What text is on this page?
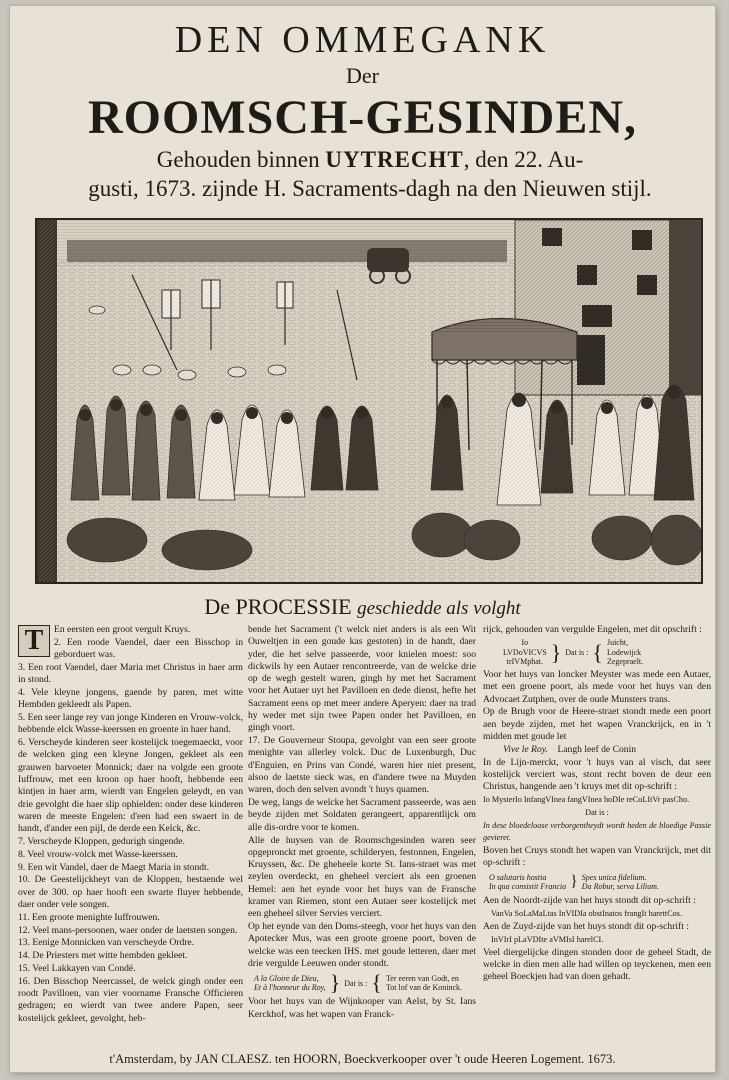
DEN OMMEGANK
Der
ROOMSCH-GESINDEN,
Gehouden binnen UYTRECHT, den 22. Au-
gusti, 1673. zijnde H. Sacraments-dagh na den Nieuwen stijl.
De PROCESSIE geschiedde als volght

T	En eersten een groot vergult Kruys.

2. Een roode Vaendel, daer een Bisschop in geborduert was.

3. Een root Vaendel, daer Maria met Christus in haer arm in stond.

4. Vele kleyne jongens, gaende by paren, met witte Hembden gekleedt als Papen.

5. Een seer lange rey van jonge Kinderen en Vrouw-volck, hebbende elck Wasse-keerssen en groente in haer hand.

6. Verscheyde kinderen seer kostelijck toegemaeckt, voor de welcken ging een kleyne Jongen, gekleet als een grauwen barvoeter Monnick; daer na volgde een groote Iuffrouw, met een kroon op haer hooft, hebbende een kintjen in haer arm, wierdt van Engelen geleydt, en van drie gevolght die haer slip ophielden: onder dese kinderen waren de meeste Engelen: d'een had een swaert in de handt, d'ander een pijl, de derde een Kelck, &c.

7. Verscheyde Kloppen, gedurigh singende.

8. Veel vrouw-volck met Wasse-keerssen.

9. Een wit Vandel, daer de Maegt Maria in stondt.

10. De Geestelijckheyt van de Kloppen, bestaende wel over de 300. op haer hooft een swarte fluyer hebbende, daer onder vele songen.

11. Een groote menighte Iuffrouwen.

12. Veel mans-persoonen, waer onder de laetsten songen.

13. Eenige Monnicken van verscheyde Ordre.

14. De Priesters met witte hembden gekleet.

15. Veel Lakkayen van Condé.

16. Den Bisschop Neercassel, de welck gingh onder een roodt Pavilloen, van vier voorname Fransche Officieren gedragen; en wierdt van twee andere Papen, seer kostelijck gekleet, gevolght, heb-

bende het Sacrament ('t welck niet anders is als een Wit Ouweltjen in een goude kas gestoten) in de handt, daer yder, die het selve passeerde, voor knielen moest: soo dickwils hy een Autaer rencontreerde, van de welcke drie op de wegh gestelt waren, gingh hy met het Sacrament voor het Autaer uyt het Pavilloen en dede dienst, hefte het Sacrament eens op met meer andere Aperyen: daer na trad hy weder met sijn twee Papen onder het Pavilloen, en gingh voort.

17. De Gouverneur Stoupa, gevolght van een seer groote menighte van allerley volck. Duc de Luxenburgh, Duc d'Enguien, en Prins van Condé, waren hier niet present, alsoo de laetste sieck was, en d'andere twee na Muyden waren, doch den selven avondt 't huys quamen.

De weg, langs de welcke het Sacrament passeerde, was aen beyde zijden met Soldaten gerangeert, apparentlijck om alle dis-ordre voor te komen.

Alle de huysen van de Roomschgesinden waren seer opgepronckt met groente, schilderyen, festonnen, Engelen, Kruyssen, &c. De gheheele korte St. Ians-straet was met zeylen overdeckt, en gheheel verciert als een groenen Hemel: aen het eynde voor het huys van de Fransche kramer van Riemen, stont een Autaer seer kostelijck met een gheheel silver Servies verciert.

Op het eynde van den Doms-steegh, voor het huys van den Apotecker Mus, was een groote groene poort, boven de welcke was een teecken IHS. met goude letteren, daer met drie vergulde Leeuwen onder stondt.

A la Gloire de Dieu,
Et à l'honneur du Roy, } Dat is : { Ter eeren van Godt, en
Tot lof van de Koninck.

Voor het huys van de Wijnkooper van Aelst, by St. Ians Kerckhof, was het wapen van Franck-

rijck, gehouden van vergulde Engelen, met dit opschrift :

Io
LVDoVICVS
trIVMphat. } Dat is : { Juicht,
Lodewijck
Zegepraelt.

Voor het huys van Ioncker Meyster was mede een Autaer, met een groene poort, als mede voor het huys van den Advocaet Zutphen, over de oude Munsters trans.

Op de Brugh voor de Heere-straet stondt mede een poort aen beyde zijden, met het wapen Vranckrijck, en in 't midden met goude let

Vive le Roy. Langh leef de Conin

In de Lijn-merckt, voor 't huys van al visch, dat seer kostelijck verciert was, stont recht boven de deur een Christus, hangende aen 't kruys met dit op-schrift :

Io MysterIo InfangVInea fangVInea hoDIe reCoLItVr pasCho.

Dat is :

In dese bloedeloose verborgentheydt wordt heden de bloedige Passie gevieret.

Boven het Cruys stondt het wapen van Vranckrijck, met dit op-schrift :

O salutaris hostia
In qua consistit Francia } Spes unica fidelium.
Da Robur, serva Lilium.

Aen de Noordt-zijde van het huys stondt dit op-schrift :

VanVa SoLaMaLtas InVIDIa obstInatos frangIt harettCos.

Aen de Zuyd-zijde van het huys stondt dit op-schrift :

InVIrI pLaVDIte aVMIsI harelCI.

Veel diergelijcke dingen stonden door de geheel Stadt, de welcke in dien men alle had willen op teyckenen, men een geheel Boeckjen had van doen gehadt.

t'Amsterdam, by JAN CLAESZ. ten HOORN, Boeckverkooper over 't oude Heeren Logement. 1673.
